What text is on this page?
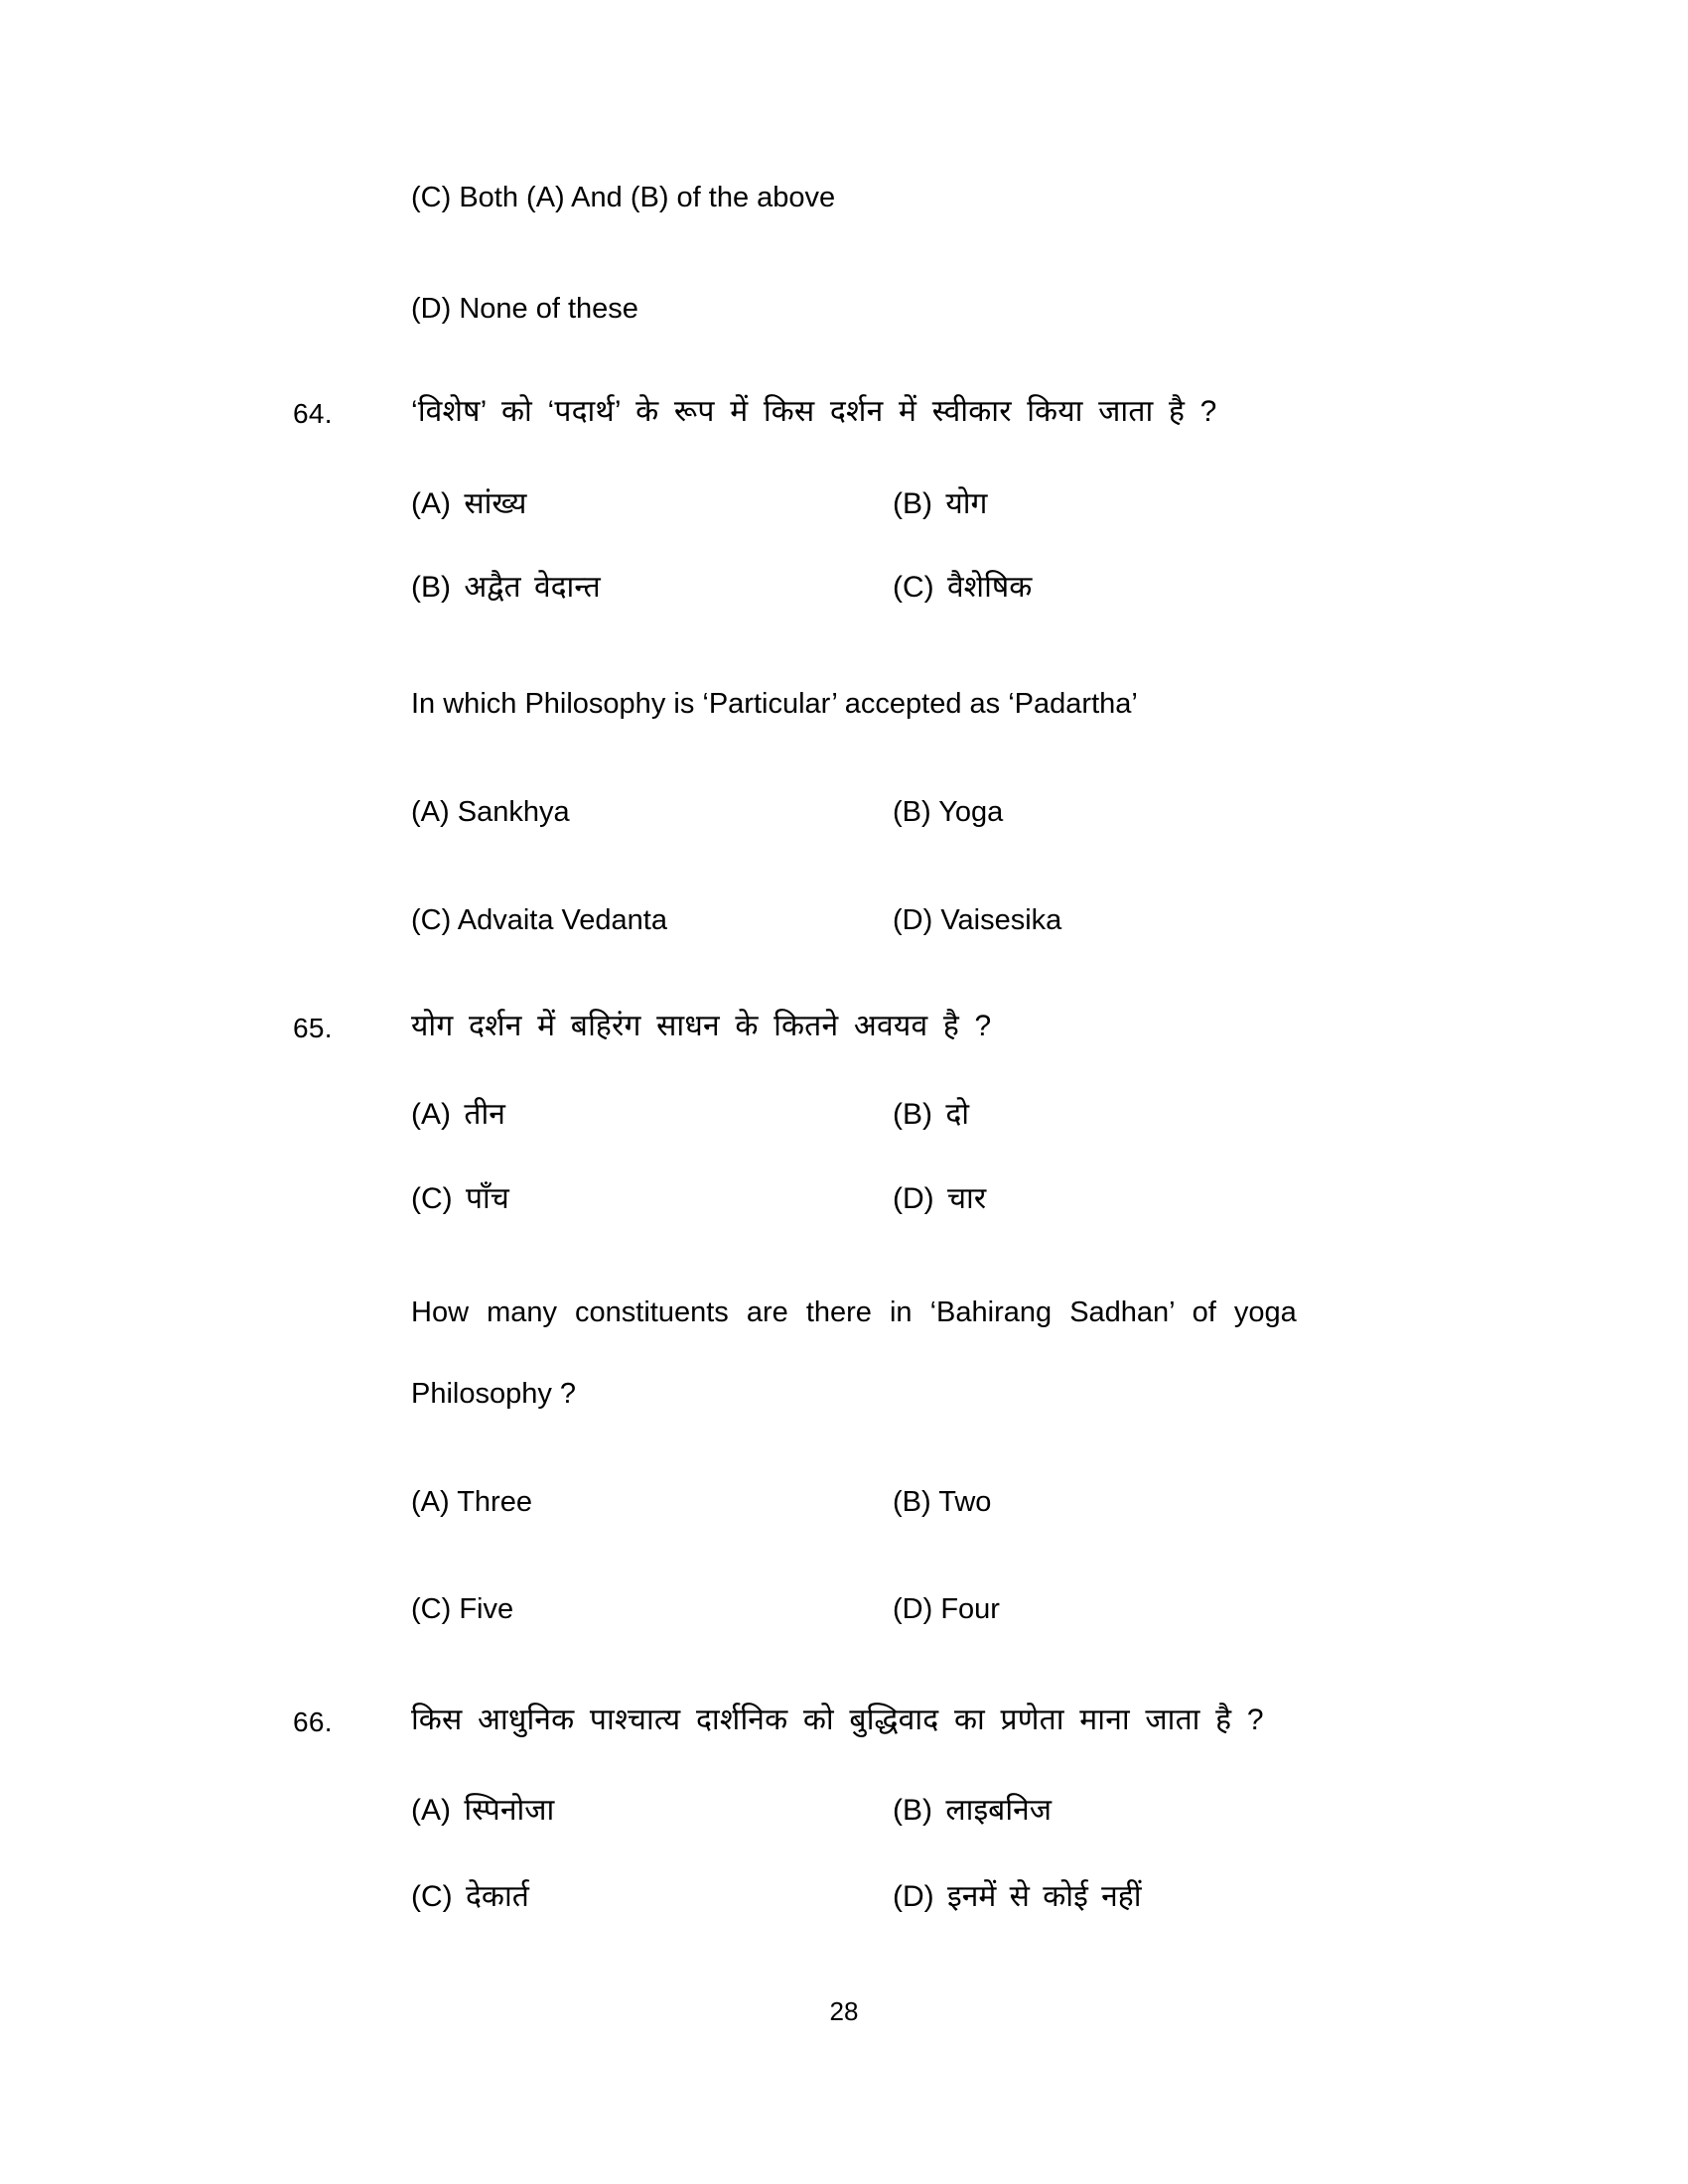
(C) Both (A) And (B) of the above
(D) None of these
64.	‘विशेष’ को ‘पदार्थ’ के रूप में किस दर्शन में स्वीकार किया जाता है ?
(A) सांख्य	(B) योग
(B) अद्वैत वेदान्त	(C) वैशेषिक
In which Philosophy is ‘Particular’ accepted as ‘Padartha’
(A) Sankhya	(B) Yoga
(C) Advaita Vedanta	(D) Vaisesika
65.	योग दर्शन में बहिरंग साधन के कितने अवयव है ?
(A) तीन	(B) दो
(C) पाँच	(D) चार
How many constituents are there in ‘Bahirang Sadhan’ of yoga
Philosophy ?
(A) Three	(B) Two
(C) Five	(D) Four
66.	किस आधुनिक पाश्चात्य दार्शनिक को बुद्धिवाद का प्रणेता माना जाता है ?
(A) स्पिनोजा	(B) लाइबनिज
(C) देकार्त	(D) इनमें से कोई नहीं
28
